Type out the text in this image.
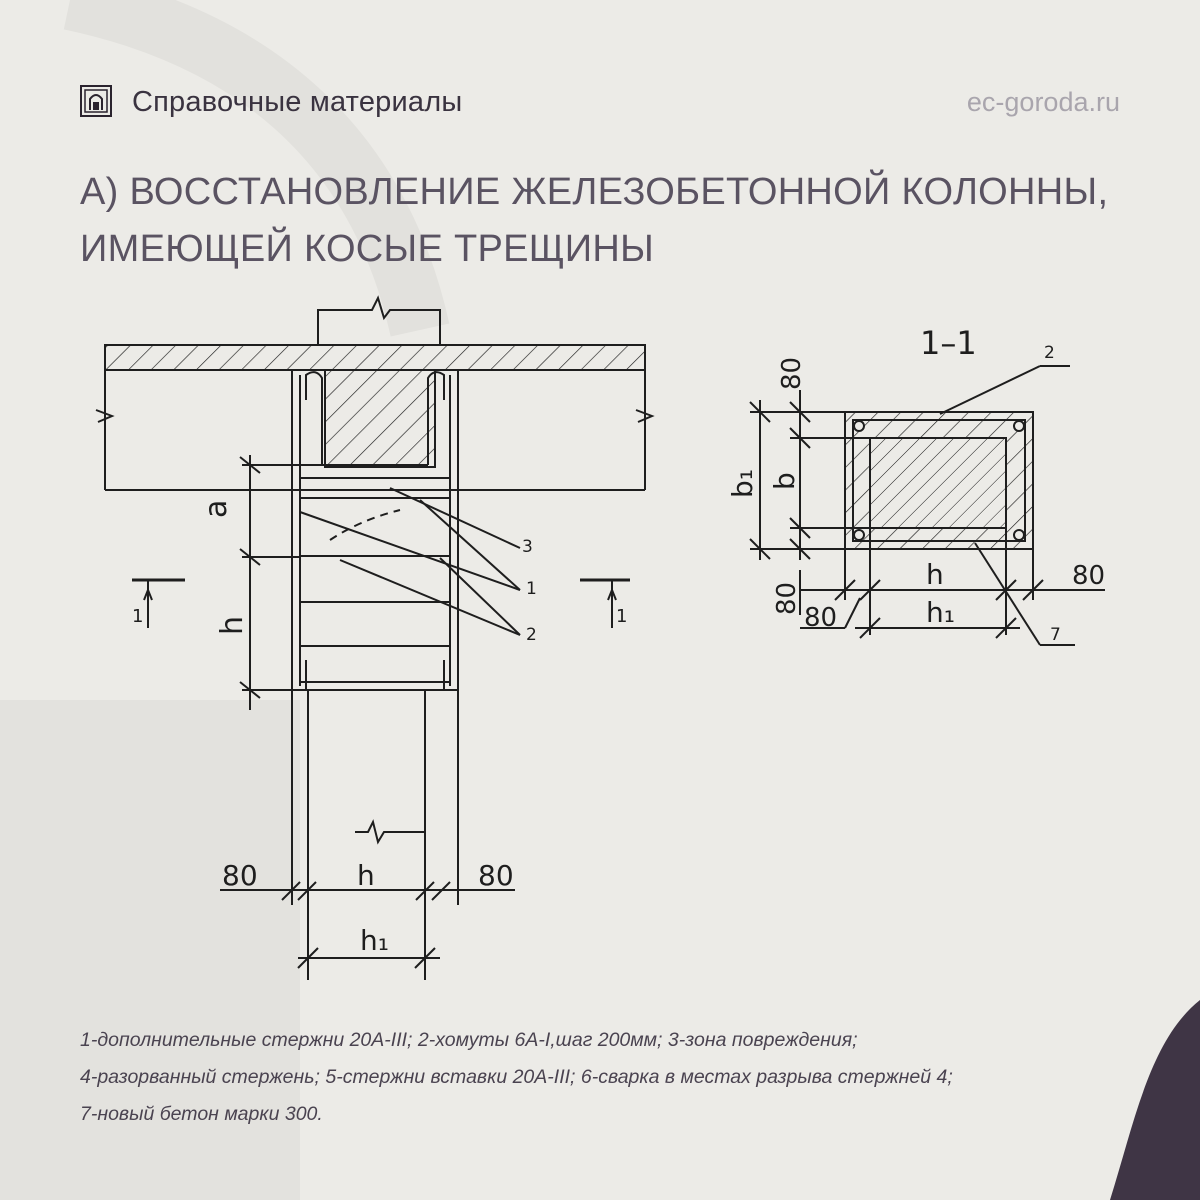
Справочные материалы	ec-goroda.ru
А) ВОССТАНОВЛЕНИЕ ЖЕЛЕЗОБЕТОННОЙ КОЛОННЫ, ИМЕЮЩЕЙ КОСЫЕ ТРЕЩИНЫ
a
h
3
1
2
1	1
80	h	80
h₁
1–1	2
80
b₁ b
80
80
h	80
h₁
7
1-дополнительные стержни 20А-III; 2-хомуты 6А-I,шаг 200мм; 3-зона повреждения;
4-разорванный стержень; 5-стержни вставки 20А-III; 6-сварка в местах разрыва стержней 4;
7-новый бетон марки 300.
